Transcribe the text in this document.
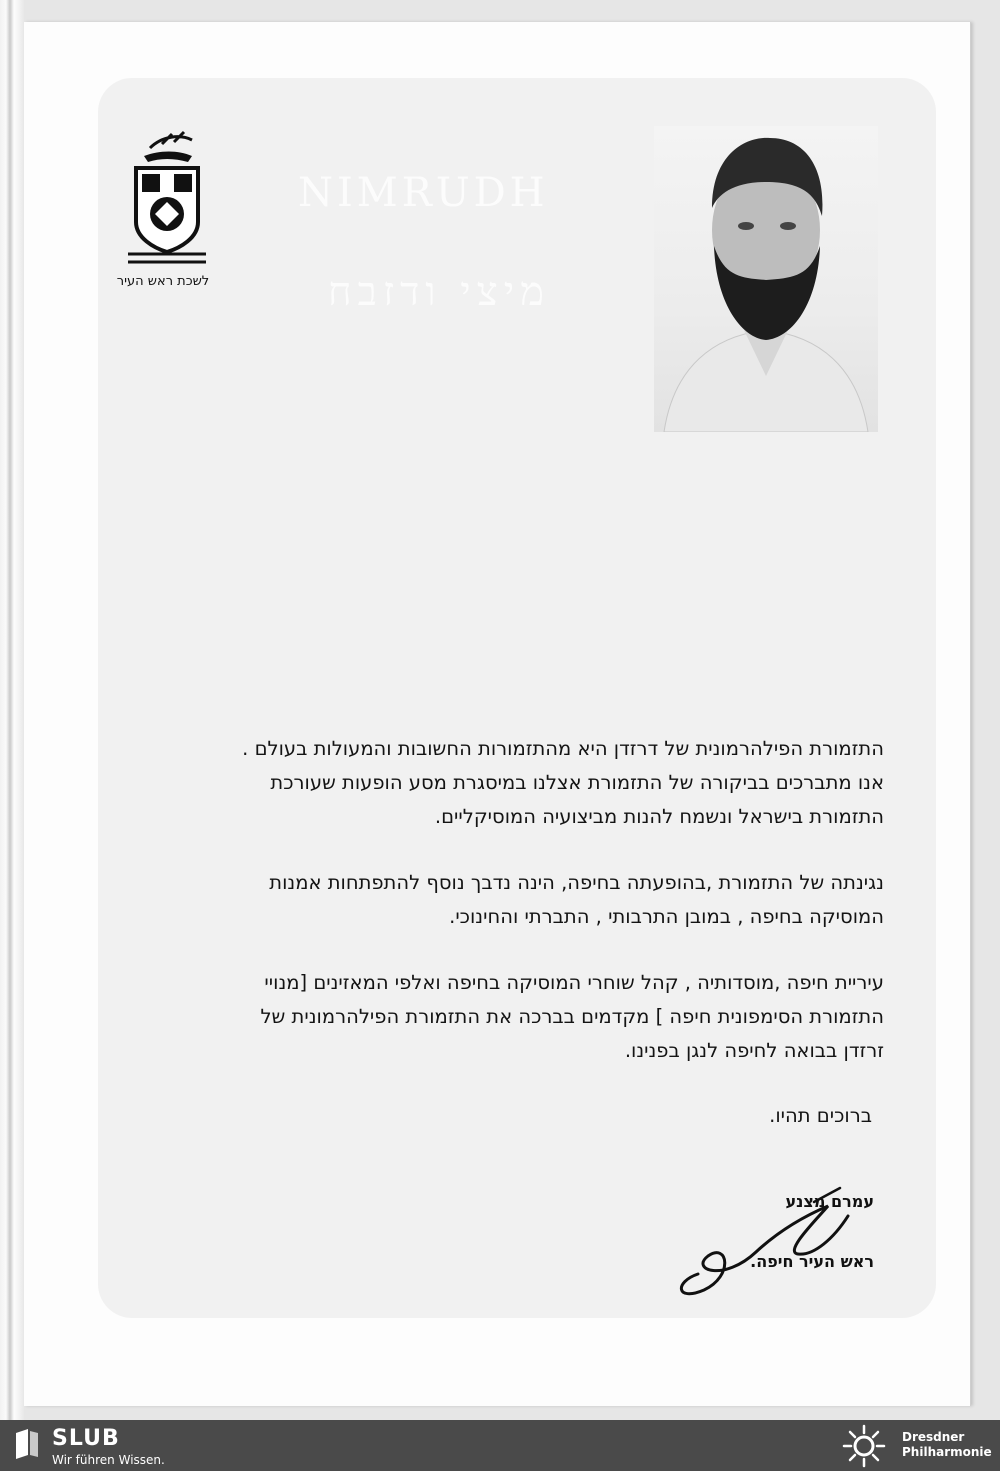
NIMRUDH
מיצי ודזבח
לשכת ראש העיר

התזמורת הפילהרמונית של דרזדן היא מהתזמורות החשובות והמעולות בעולם .
אנו מתברכים בביקורה של התזמורת אצלנו במיסגרת מסע הופעות שעורכת
התזמורת בישראל ונשמח להנות מביצועיה המוסיקליים.

נגינתה של התזמורת ,בהופעתה בחיפה, הינה נדבך נוסף להתפתחות אמנות
המוסיקה בחיפה , במובן התרבותי , התברתי והחינוכי.

עיריית חיפה ,מוסדותיה , קהל שוחרי המוסיקה בחיפה ואלפי המאזינים [מנויי
התזמורת הסימפונית חיפה ] מקדמים בברכה את התזמורת הפילהרמונית של
זרזדן בבואה לחיפה לנגן בפנינו.

ברוכים תהיו.
עמרם מצנע
ראש העיר חיפה.
SLUB
Wir führen Wissen.
Dresdner
Philharmonie
